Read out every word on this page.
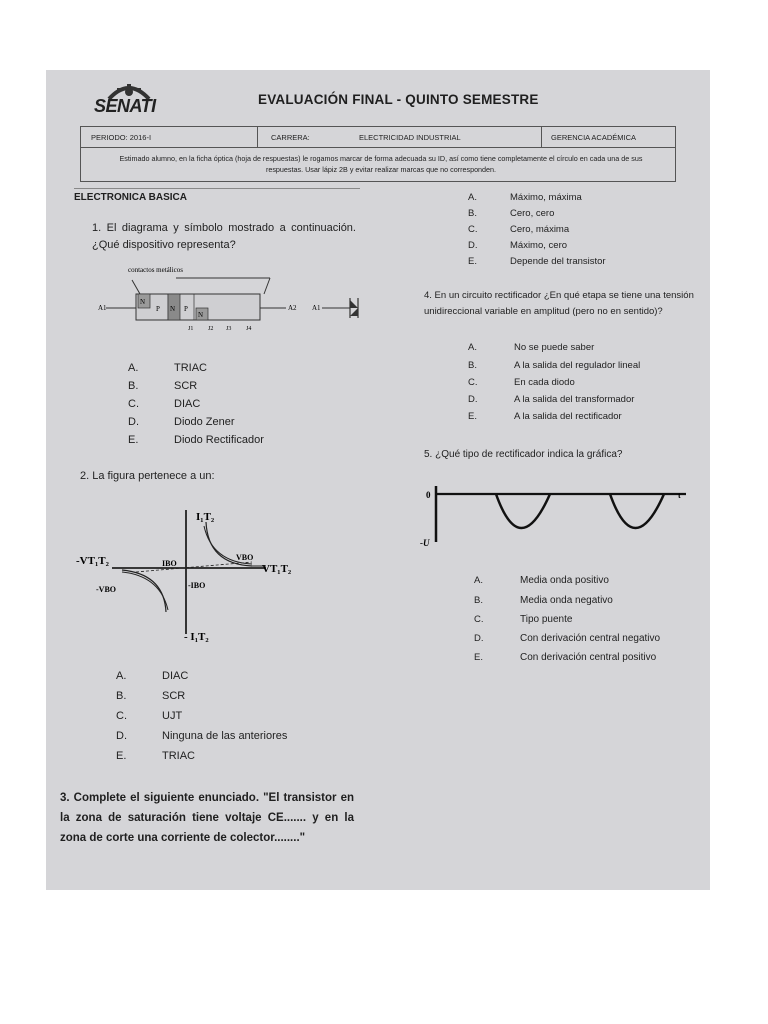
SENATI	EVALUACIÓN FINAL - QUINTO SEMESTRE
PERIODO: 2016-I	CARRERA:	ELECTRICIDAD INDUSTRIAL	GERENCIA ACADÉMICA
Estimado alumno, en la ficha óptica (hoja de respuestas) le rogamos marcar de forma adecuada su ID, así como tiene completamente el círculo en cada una de sus respuestas. Usar lápiz 2B y evitar realizar marcas que no corresponden.
ELECTRONICA BASICA
1. El diagrama y símbolo mostrado a continuación. ¿Qué dispositivo representa?
contactos metálicos
A1
N
P N P
N
A2
J1 J2 J3 J4
A1
A.	TRIAC
B.	SCR
C.	DIAC
D.	Diodo Zener
E.	Diodo Rectificador
2. La figura pertenece a un:
I₁T₂
- I₁T₂
-VT₁T₂
VT₁T₂
VBO
-VBO
IBO
-IBO
A.	DIAC
B.	SCR
C.	UJT
D.	Ninguna de las anteriores
E.	TRIAC
3. Complete el siguiente enunciado. "El transistor en la zona de saturación tiene voltaje CE....... y en la zona de corte una corriente de colector........"
A.	Máximo, máxima
B.	Cero, cero
C.	Cero, máxima
D.	Máximo, cero
E.	Depende del transistor
4. En un circuito rectificador ¿En qué etapa se tiene una tensión unidireccional variable en amplitud (pero no en sentido)?
A.	No se puede saber
B.	A la salida del regulador lineal
C.	En cada diodo
D.	A la salida del transformador
E.	A la salida del rectificador
5. ¿Qué tipo de rectificador indica la gráfica?
0
-U
t
A.	Media onda positivo
B.	Media onda negativo
C.	Tipo puente
D.	Con derivación central negativo
E.	Con derivación central positivo
